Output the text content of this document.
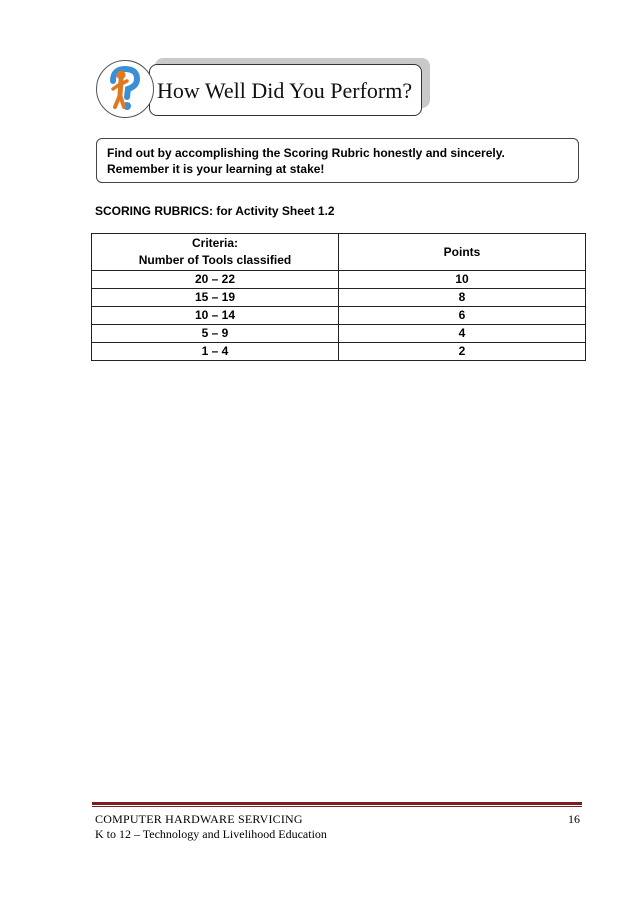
How Well Did You Perform?
Find out by accomplishing the Scoring Rubric honestly and sincerely.
Remember it is your learning at stake!
SCORING RUBRICS: for Activity Sheet 1.2
Criteria:
Number of Tools classified	Points
20 – 22	10
15 – 19	8
10 – 14	6
5 – 9	4
1 – 4	2
COMPUTER HARDWARE SERVICING
K to 12 – Technology and Livelihood Education
16
